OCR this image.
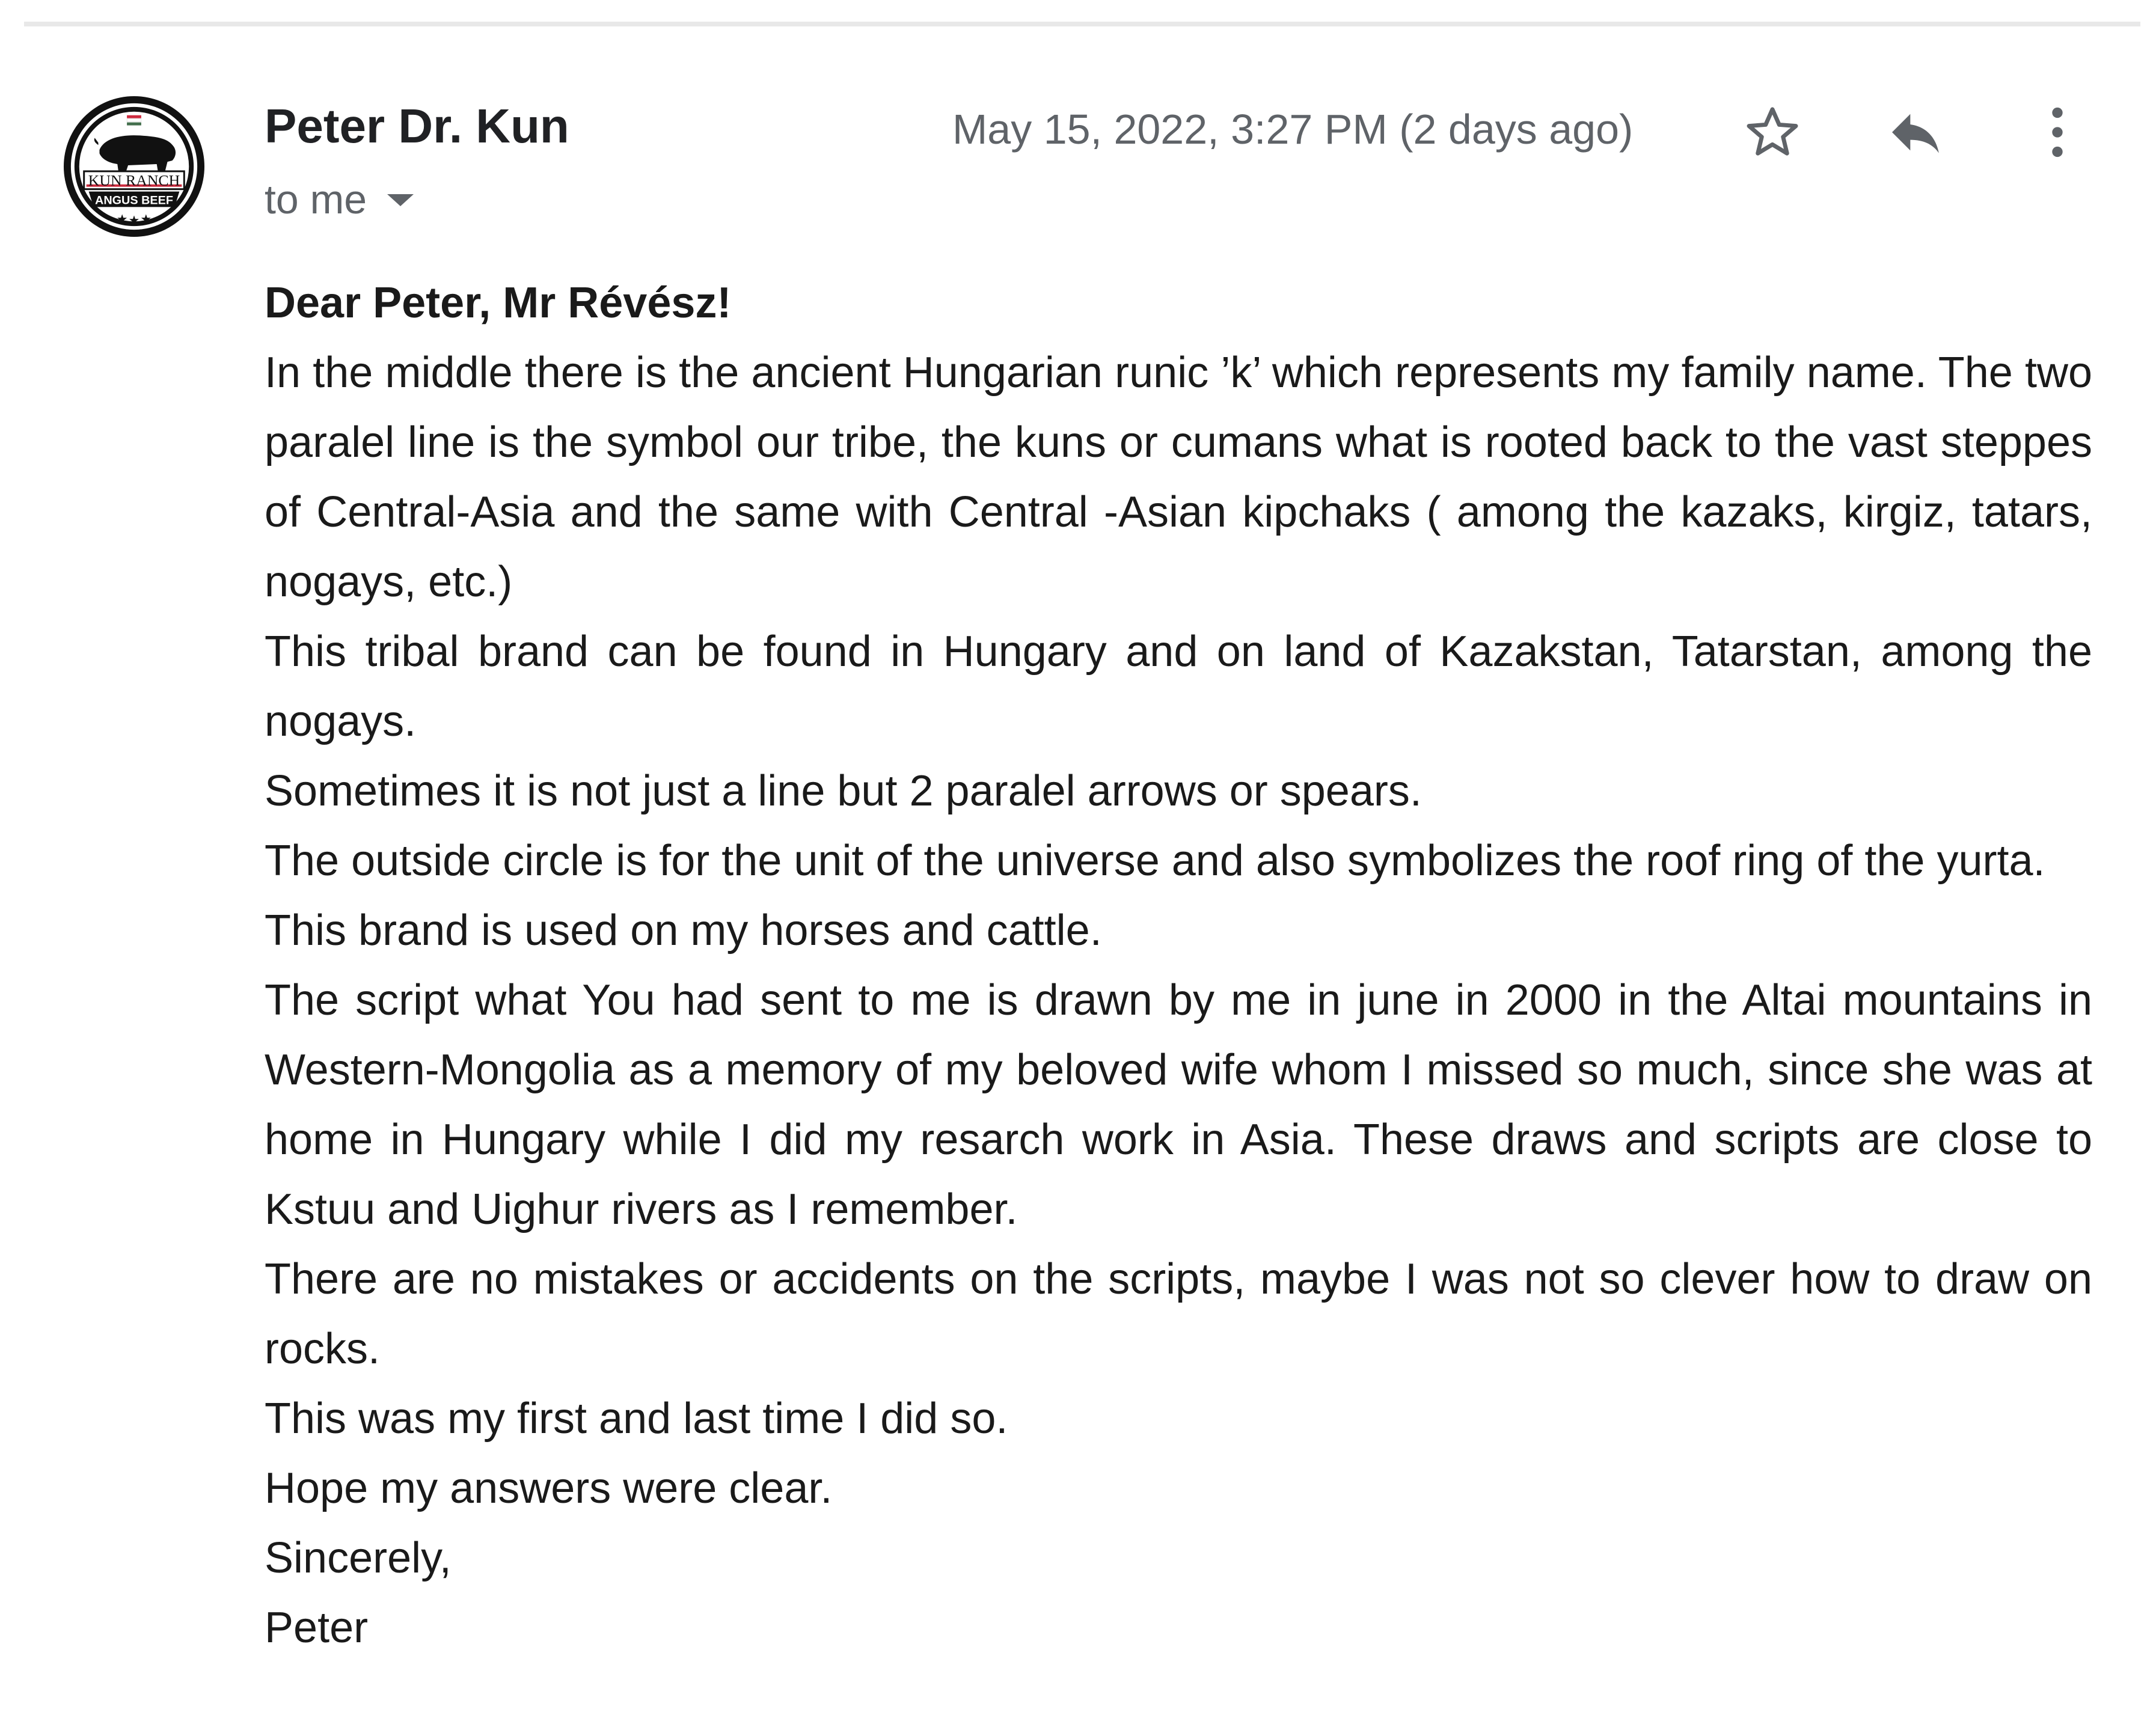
KUN RANCH
ANGUS BEEF
Peter Dr. Kun
to me
May 15, 2022, 3:27 PM (2 days ago)

Dear Peter, Mr Révész!

In the middle there is the ancient Hungarian runic ’k’ which represents my family name. The two paralel line is the symbol our tribe, the kuns or cumans what is rooted back to the vast steppes of Central-Asia and the same with Central -Asian kipchaks ( among the kazaks, kirgiz, tatars, nogays, etc.)

This tribal brand can be found in Hungary and on land of Kazakstan, Tatarstan, among the nogays.

Sometimes it is not just a line but 2 paralel arrows or spears.

The outside circle is for the unit of the universe and also symbolizes the roof ring of the yurta.

This brand is used on my horses and cattle.

The script what You had sent to me is drawn by me in june in 2000 in the Altai mountains in Western-Mongolia as a memory of my beloved wife whom I missed so much, since she was at home in Hungary while I did my resarch work in Asia. These draws and scripts are close to Kstuu and Uighur rivers as I remember.

There are no mistakes or accidents on the scripts, maybe I was not so clever how to draw on rocks.

This was my first and last time I did so.

Hope my answers were clear.

Sincerely,

Peter
